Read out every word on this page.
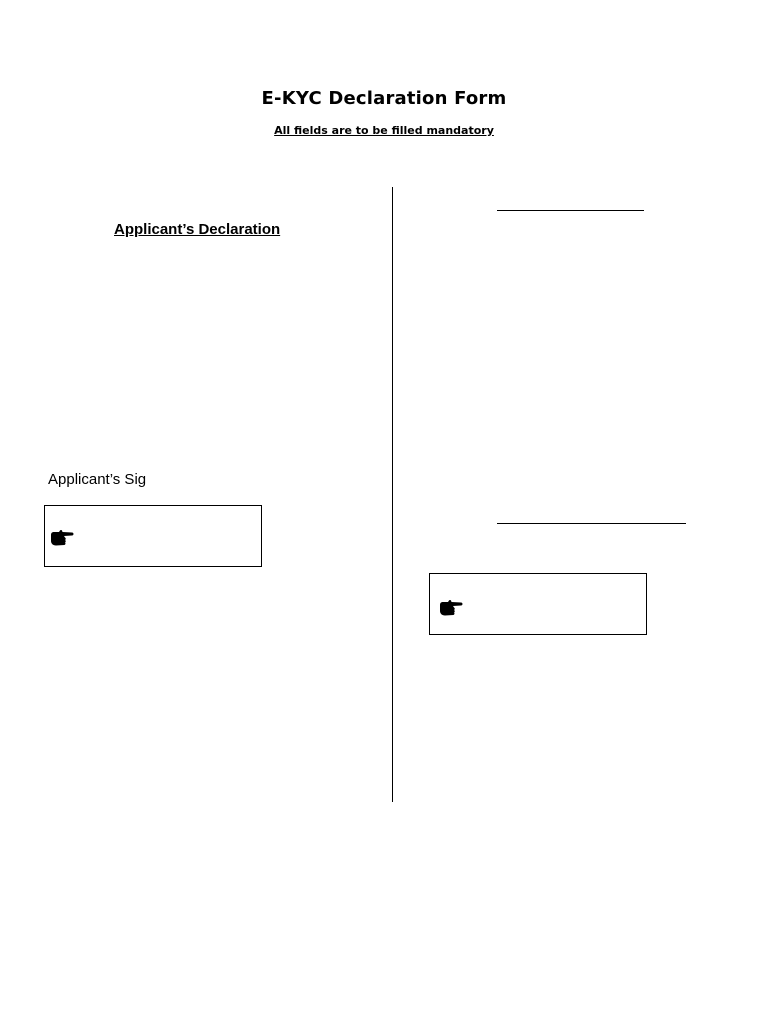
E-KYC Declaration Form
All fields are to be filled mandatory
Applicant’s Declaration
Applicant’s Sig
